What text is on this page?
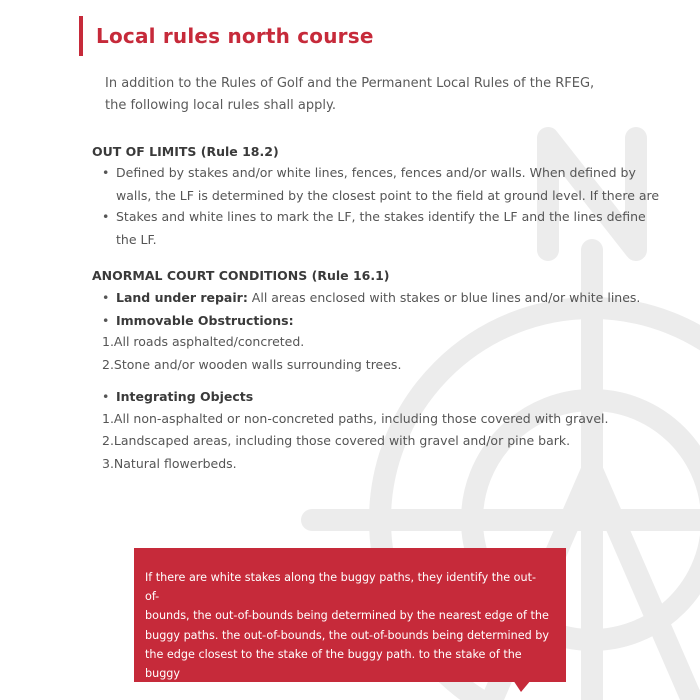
Local rules north course
In addition to the Rules of Golf and the Permanent Local Rules of the RFEG,
the following local rules shall apply.
OUT OF LIMITS (Rule 18.2)
• Defined by stakes and/or white lines, fences, fences and/or walls. When defined by
walls, the LF is determined by the closest point to the field at ground level. If there are
• Stakes and white lines to mark the LF, the stakes identify the LF and the lines define
the LF.
ANORMAL COURT CONDITIONS (Rule 16.1)
• Land under repair: All areas enclosed with stakes or blue lines and/or white lines.
• Immovable Obstructions:
1.All roads asphalted/concreted.
2.Stone and/or wooden walls surrounding trees.
• Integrating Objects
1.All non-asphalted or non-concreted paths, including those covered with gravel.
2.Landscaped areas, including those covered with gravel and/or pine bark.
3.Natural flowerbeds.
If there are white stakes along the buggy paths, they identify the out- of-
bounds, the out-of-bounds being determined by the nearest edge of the
buggy paths. the out-of-bounds, the out-of-bounds being determined by
the edge closest to the stake of the buggy path. to the stake of the buggy
path.
